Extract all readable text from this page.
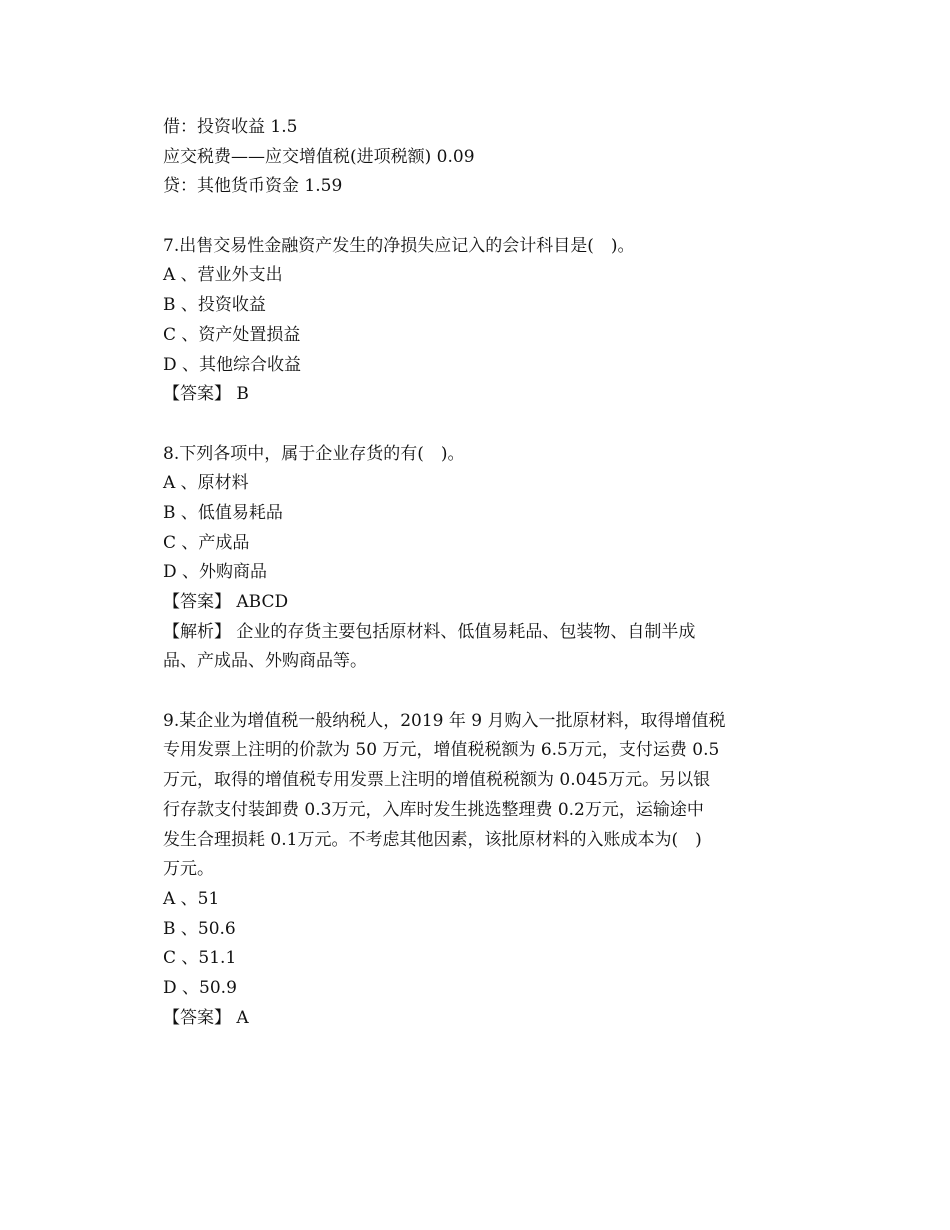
借：投资收益 1.5
应交税费——应交增值税(进项税额) 0.09
贷：其他货币资金 1.59
7.出售交易性金融资产发生的净损失应记入的会计科目是(　)。
A 、营业外支出
B 、投资收益
C 、资产处置损益
D 、其他综合收益
【答案】 B
8.下列各项中，属于企业存货的有(　)。
A 、原材料
B 、低值易耗品
C 、产成品
D 、外购商品
【答案】 ABCD
【解析】 企业的存货主要包括原材料、低值易耗品、包装物、自制半成
品、产成品、外购商品等。
9.某企业为增值税一般纳税人，2019 年 9 月购入一批原材料，取得增值税
专用发票上注明的价款为 50 万元，增值税税额为 6.5万元，支付运费 0.5
万元，取得的增值税专用发票上注明的增值税税额为 0.045万元。另以银
行存款支付装卸费 0.3万元，入库时发生挑选整理费 0.2万元，运输途中
发生合理损耗 0.1万元。不考虑其他因素，该批原材料的入账成本为(　)
万元。
A 、51
B 、50.6
C 、51.1
D 、50.9
【答案】 A
